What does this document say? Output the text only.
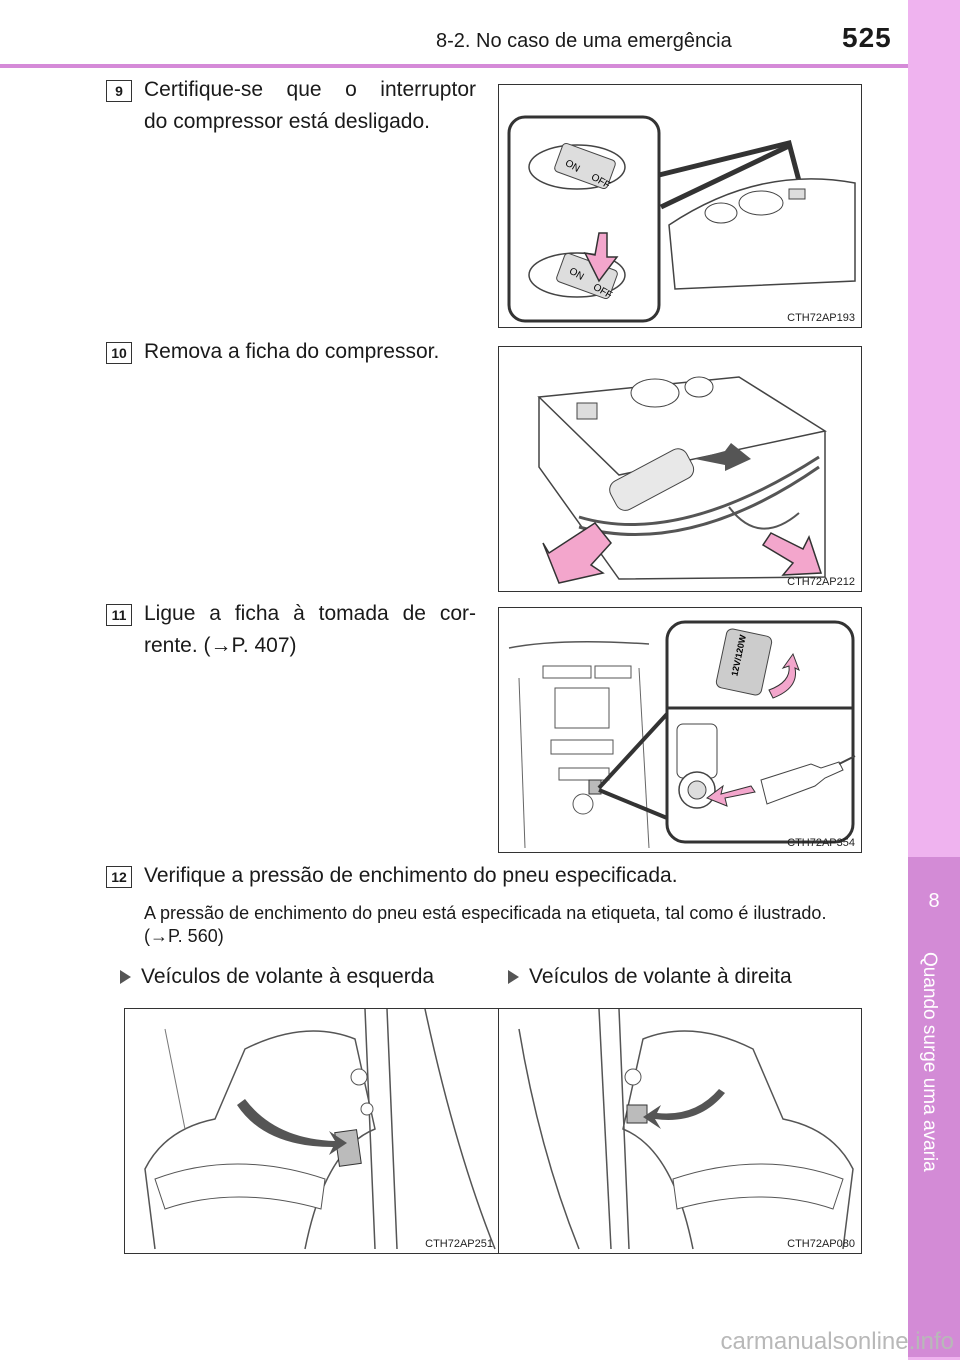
8-2. No caso de uma emergência	525
8
Quando surge uma avaria
9	Certifique-se que o interruptor
do compressor está desligado.
ON
OFF
ON
OFF
CTH72AP193
10 Remova a ficha do compressor.
CTH72AP212
11 Ligue a ficha à tomada de cor-
rente. (→P. 407)	12V/120W
CTH72AP354
12 Verifique a pressão de enchimento do pneu especificada.
A pressão de enchimento do pneu está especificada na etiqueta, tal como é ilustrado. (→P. 560)
Veículos de volante à esquerda	Veículos de volante à direita
CTH72AP251	CTH72AP080
carmanualsonline.info
